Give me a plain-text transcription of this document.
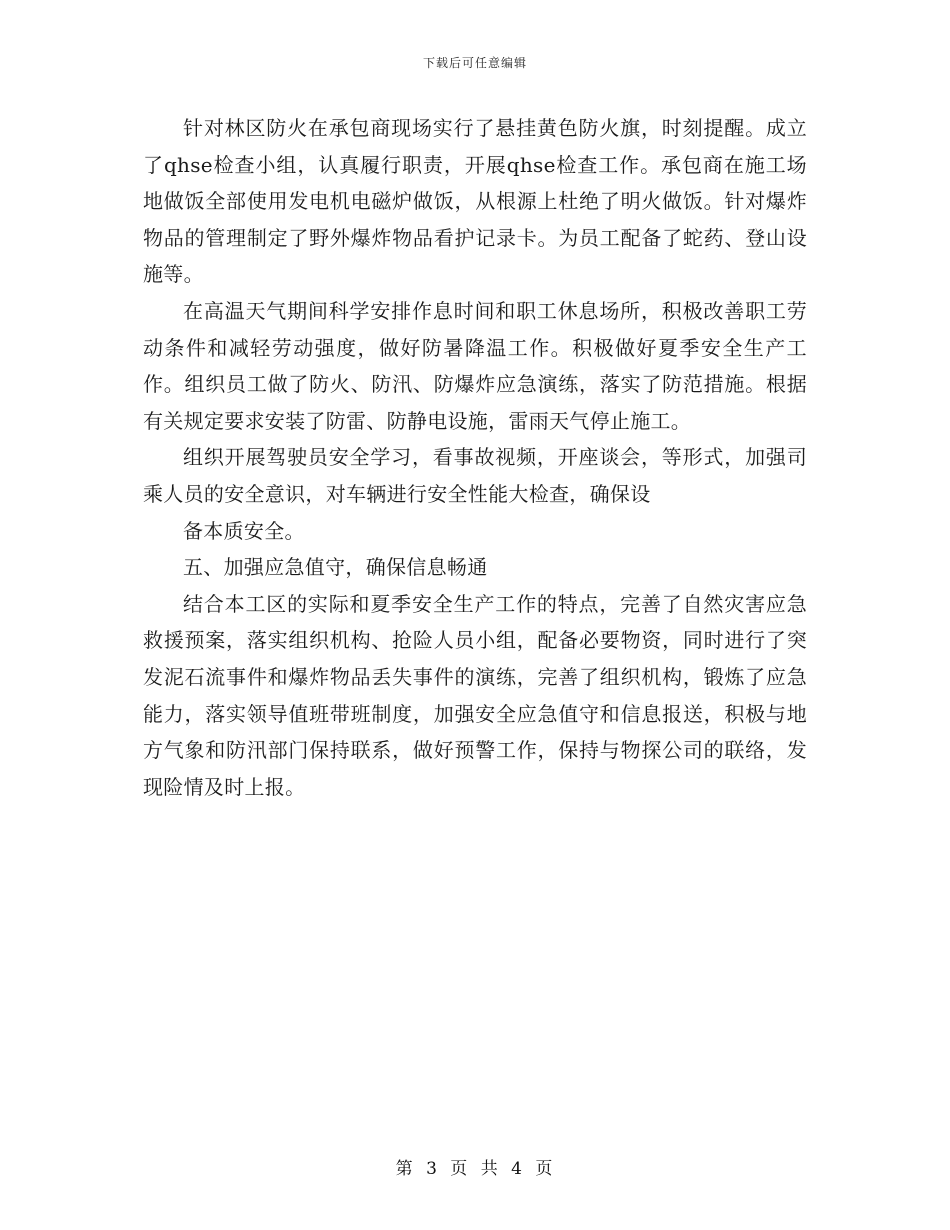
下载后可任意编辑

针对林区防火在承包商现场实行了悬挂黄色防火旗，时刻提醒。成立了qhse检查小组，认真履行职责，开展qhse检查工作。承包商在施工场地做饭全部使用发电机电磁炉做饭，从根源上杜绝了明火做饭。针对爆炸物品的管理制定了野外爆炸物品看护记录卡。为员工配备了蛇药、登山设施等。

在高温天气期间科学安排作息时间和职工休息场所，积极改善职工劳动条件和减轻劳动强度，做好防暑降温工作。积极做好夏季安全生产工作。组织员工做了防火、防汛、防爆炸应急演练，落实了防范措施。根据有关规定要求安装了防雷、防静电设施，雷雨天气停止施工。

组织开展驾驶员安全学习，看事故视频，开座谈会，等形式，加强司乘人员的安全意识，对车辆进行安全性能大检查，确保设

备本质安全。

五、加强应急值守，确保信息畅通

结合本工区的实际和夏季安全生产工作的特点，完善了自然灾害应急救援预案，落实组织机构、抢险人员小组，配备必要物资，同时进行了突发泥石流事件和爆炸物品丢失事件的演练，完善了组织机构，锻炼了应急能力，落实领导值班带班制度，加强安全应急值守和信息报送，积极与地方气象和防汛部门保持联系，做好预警工作，保持与物探公司的联络，发现险情及时上报。

第 3 页 共 4 页
